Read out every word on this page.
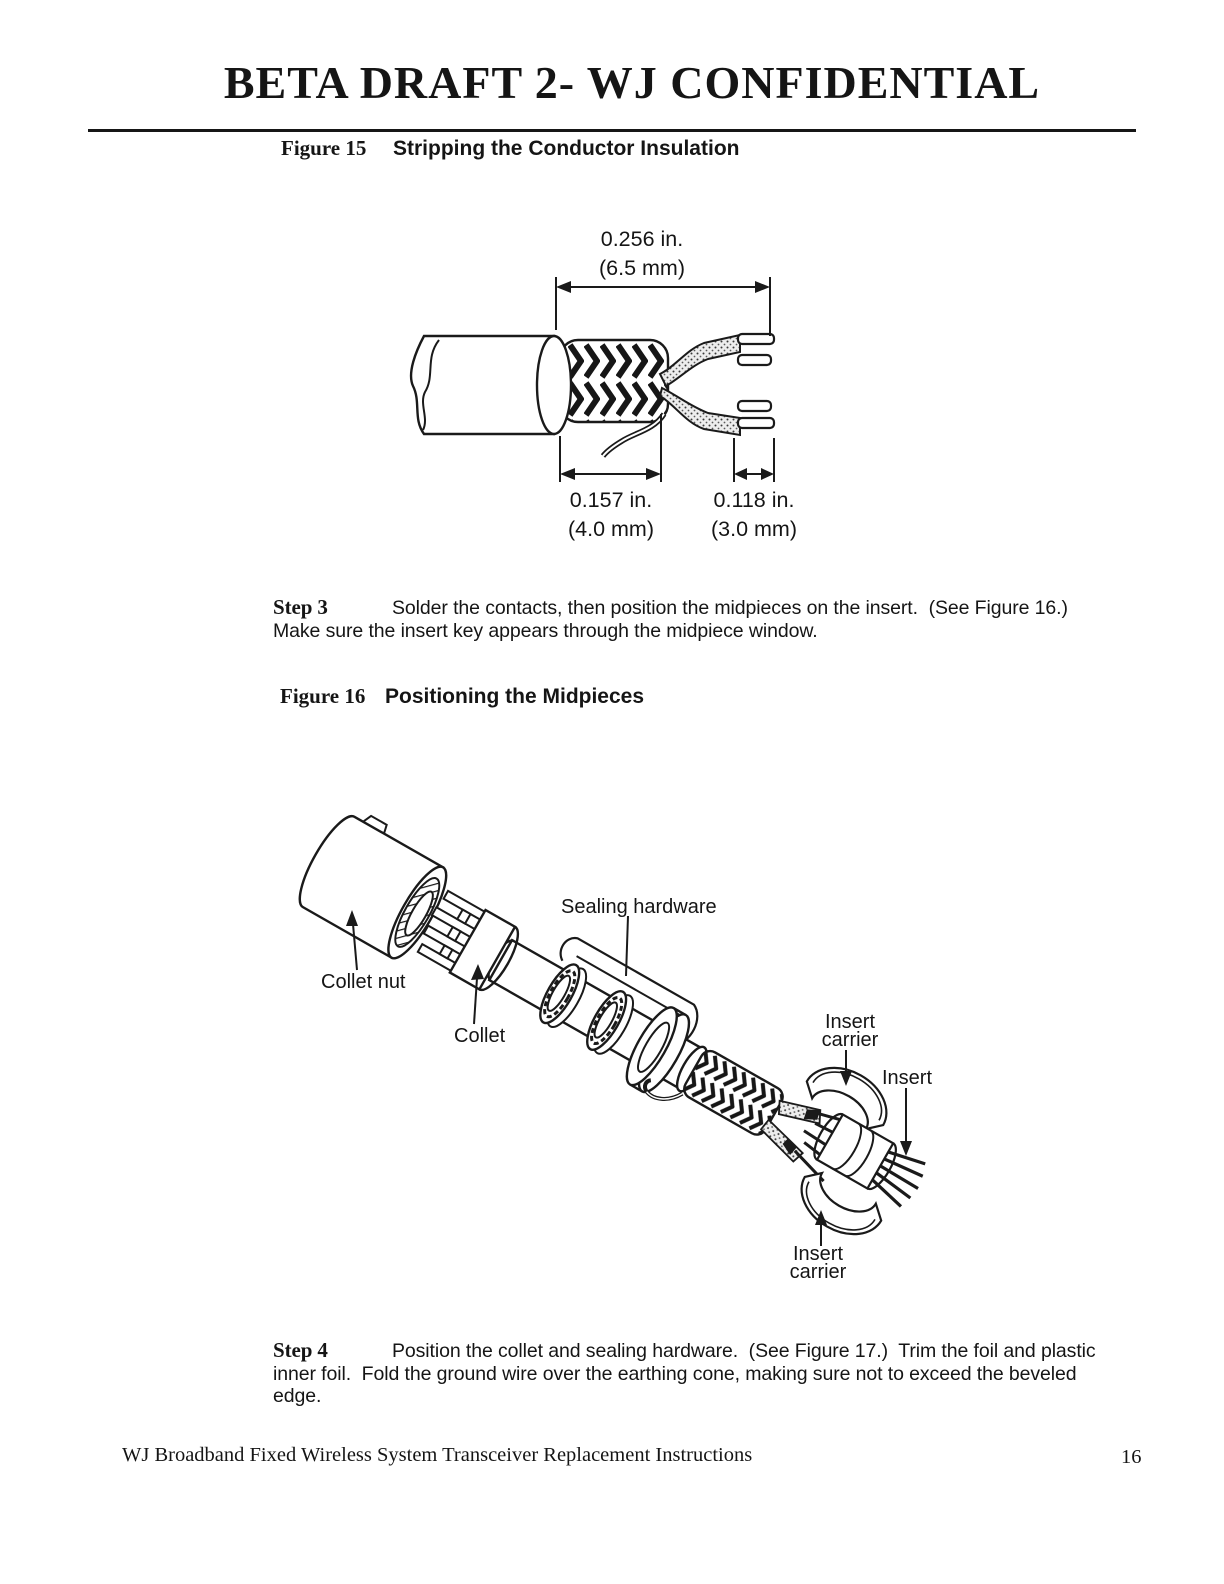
BETA DRAFT 2- WJ CONFIDENTIAL
Figure 15 Stripping the Conductor Insulation
0.256 in.
(6.5 mm)
0.157 in.
(4.0 mm)
0.118 in.
(3.0 mm)
Step 3	Solder the contacts, then position the midpieces on the insert.  (See Figure 16.)
Make sure the insert key appears through the midpiece window.
Figure 16 Positioning the Midpieces
Collet nut
Collet
Sealing hardware
Insert
carrier
Insert
Insert
carrier
Step 4	Position the collet and sealing hardware.  (See Figure 17.)  Trim the foil and plastic
inner foil.  Fold the ground wire over the earthing cone, making sure not to exceed the beveled
edge.
WJ Broadband Fixed Wireless System Transceiver Replacement Instructions	16
